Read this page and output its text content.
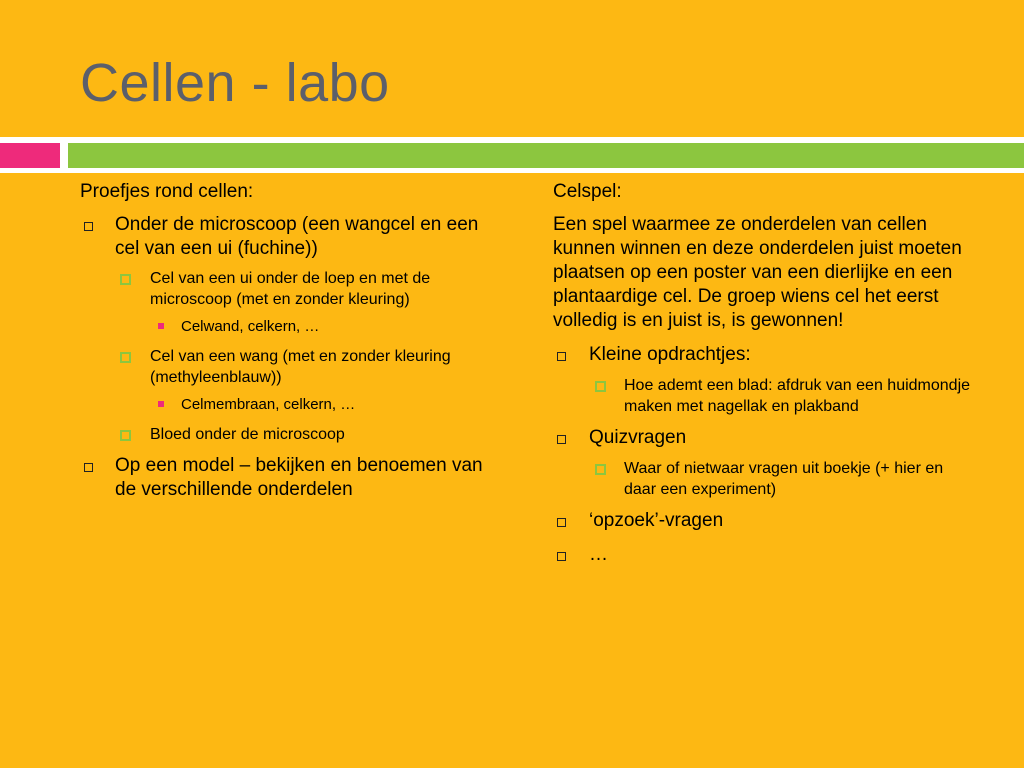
Cellen - labo

Proefjes rond cellen:

Onder de microscoop (een wangcel en een cel van een ui (fuchine))
Cel van een ui onder de loep en met de microscoop (met en zonder kleuring)
Celwand, celkern, …
Cel van een wang (met en zonder kleuring (methyleenblauw))
Celmembraan, celkern, …
Bloed onder de microscoop
Op een model – bekijken en benoemen van de verschillende onderdelen

Celspel:

Een spel waarmee ze onderdelen van cellen kunnen winnen en deze onderdelen juist moeten plaatsen op een poster van een dierlijke en een plantaardige cel. De groep wiens cel het eerst volledig is en juist is, is gewonnen!

Kleine opdrachtjes:
Hoe ademt een blad: afdruk van een huidmondje maken met nagellak en plakband
Quizvragen
Waar of nietwaar vragen uit boekje (+ hier en daar een experiment)
‘opzoek’-vragen
…
